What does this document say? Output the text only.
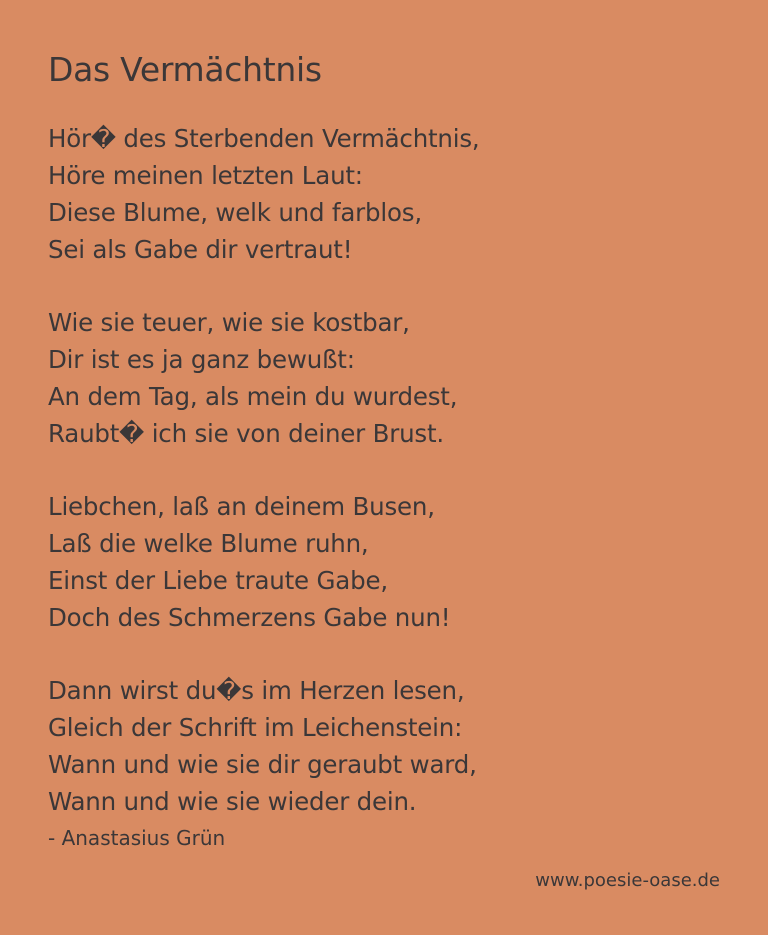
Das Vermächtnis
Hör� des Sterbenden Vermächtnis,
Höre meinen letzten Laut:
Diese Blume, welk und farblos,
Sei als Gabe dir vertraut!
Wie sie teuer, wie sie kostbar,
Dir ist es ja ganz bewußt:
An dem Tag, als mein du wurdest,
Raubt� ich sie von deiner Brust.
Liebchen, laß an deinem Busen,
Laß die welke Blume ruhn,
Einst der Liebe traute Gabe,
Doch des Schmerzens Gabe nun!
Dann wirst du�s im Herzen lesen,
Gleich der Schrift im Leichenstein:
Wann und wie sie dir geraubt ward,
Wann und wie sie wieder dein.
- Anastasius Grün
www.poesie-oase.de
